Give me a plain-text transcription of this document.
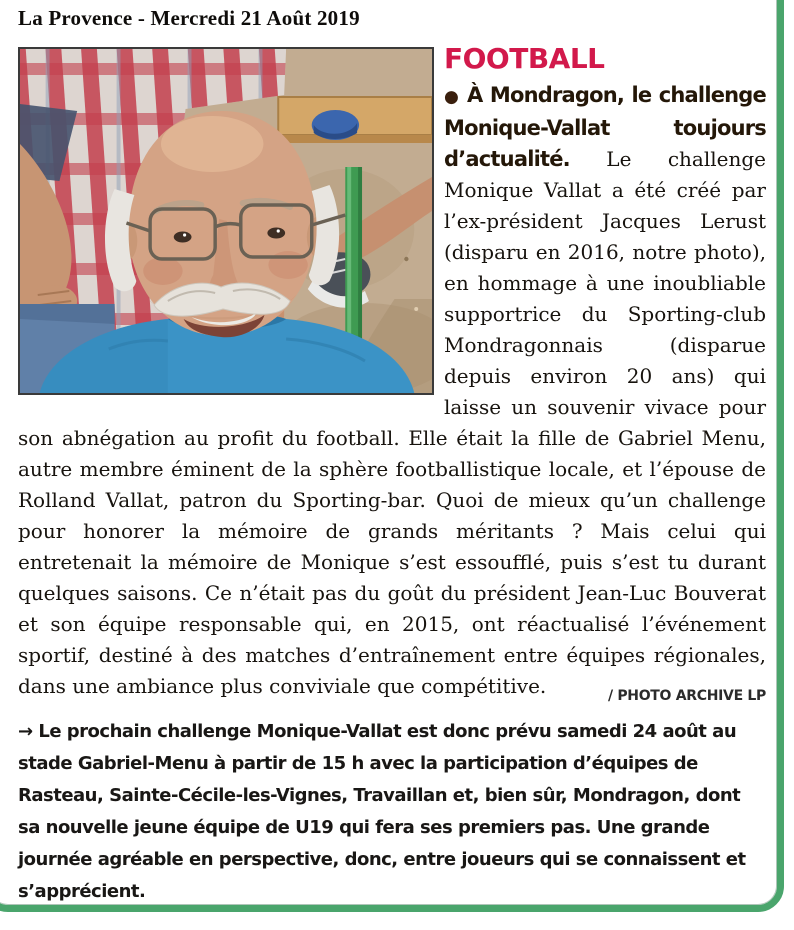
La Provence - Mercredi 21 Août 2019
FOOTBALL

● À Mondragon, le challenge Monique-Vallat toujours d’actualité. Le challenge Monique Vallat a été créé par l’ex-président Jacques Lerust (disparu en 2016, notre photo), en hommage à une inoubliable supportrice du Sporting-club Mondragonnais (disparue depuis environ 20 ans) qui laisse un souvenir vivace pour son abnégation au profit du football. Elle était la fille de Gabriel Menu, autre membre éminent de la sphère footballistique locale, et l’épouse de Rolland Vallat, patron du Sporting-bar. Quoi de mieux qu’un challenge pour honorer la mémoire de grands méritants ? Mais celui qui entretenait la mémoire de Monique s’est essoufflé, puis s’est tu durant quelques saisons. Ce n’était pas du goût du président Jean-Luc Bouverat et son équipe responsable qui, en 2015, ont réactualisé l’événement sportif, destiné à des matches d’entraînement entre équipes régionales, dans une ambiance plus conviviale que compétitive.	/ PHOTO ARCHIVE LP

→ Le prochain challenge Monique-Vallat est donc prévu samedi 24 août au stade Gabriel-Menu à partir de 15 h avec la participation d’équipes de Rasteau, Sainte-Cécile-les-Vignes, Travaillan et, bien sûr, Mondragon, dont sa nouvelle jeune équipe de U19 qui fera ses premiers pas. Une grande journée agréable en perspective, donc, entre joueurs qui se connaissent et s’apprécient.
